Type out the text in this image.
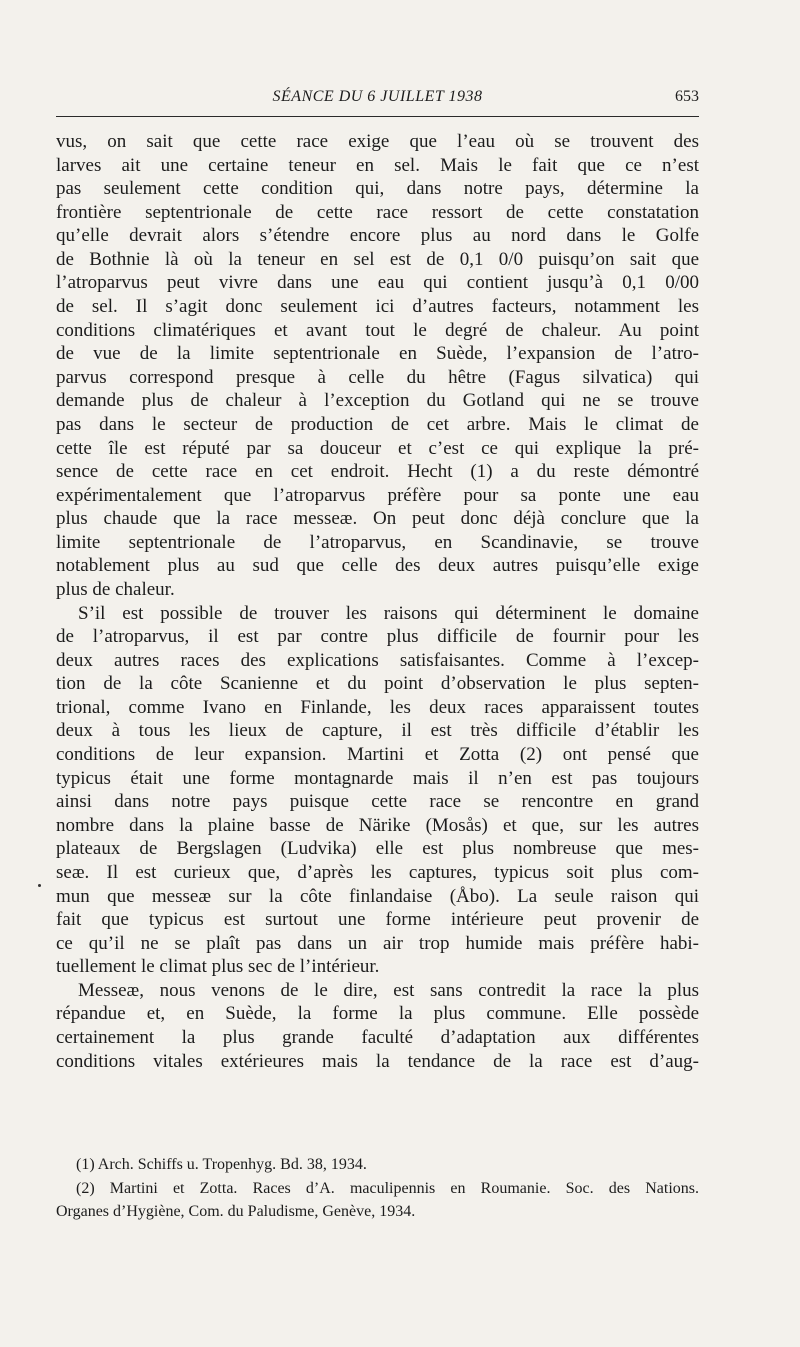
SÉANCE DU 6 JUILLET 1938	653
vus, on sait que cette race exige que l’eau où se trouvent des
larves ait une certaine teneur en sel. Mais le fait que ce n’est
pas seulement cette condition qui, dans notre pays, détermine la
frontière septentrionale de cette race ressort de cette constatation
qu’elle devrait alors s’étendre encore plus au nord dans le Golfe
de Bothnie là où la teneur en sel est de 0,1 0/0 puisqu’on sait que
l’atroparvus peut vivre dans une eau qui contient jusqu’à 0,1 0/00
de sel. Il s’agit donc seulement ici d’autres facteurs, notamment les
conditions climatériques et avant tout le degré de chaleur. Au point
de vue de la limite septentrionale en Suède, l’expansion de l’atro-
parvus correspond presque à celle du hêtre (Fagus silvatica) qui
demande plus de chaleur à l’exception du Gotland qui ne se trouve
pas dans le secteur de production de cet arbre. Mais le climat de
cette île est réputé par sa douceur et c’est ce qui explique la pré-
sence de cette race en cet endroit. Hecht (1) a du reste démontré
expérimentalement que l’atroparvus préfère pour sa ponte une eau
plus chaude que la race messeæ. On peut donc déjà conclure que la
limite septentrionale de l’atroparvus, en Scandinavie, se trouve
notablement plus au sud que celle des deux autres puisqu’elle exige
plus de chaleur.
S’il est possible de trouver les raisons qui déterminent le domaine
de l’atroparvus, il est par contre plus difficile de fournir pour les
deux autres races des explications satisfaisantes. Comme à l’excep-
tion de la côte Scanienne et du point d’observation le plus septen-
trional, comme Ivano en Finlande, les deux races apparaissent toutes
deux à tous les lieux de capture, il est très difficile d’établir les
conditions de leur expansion. Martini et Zotta (2) ont pensé que
typicus était une forme montagnarde mais il n’en est pas toujours
ainsi dans notre pays puisque cette race se rencontre en grand
nombre dans la plaine basse de Närike (Mosås) et que, sur les autres
plateaux de Bergslagen (Ludvika) elle est plus nombreuse que mes-
seæ. Il est curieux que, d’après les captures, typicus soit plus com-
mun que messeæ sur la côte finlandaise (Åbo). La seule raison qui
fait que typicus est surtout une forme intérieure peut provenir de
ce qu’il ne se plaît pas dans un air trop humide mais préfère habi-
tuellement le climat plus sec de l’intérieur.
Messeæ, nous venons de le dire, est sans contredit la race la plus
répandue et, en Suède, la forme la plus commune. Elle possède
certainement la plus grande faculté d’adaptation aux différentes
conditions vitales extérieures mais la tendance de la race est d’aug-
(1) Arch. Schiffs u. Tropenhyg. Bd. 38, 1934.
(2) Martini et Zotta. Races d’A. maculipennis en Roumanie. Soc. des Nations.
Organes d’Hygiène, Com. du Paludisme, Genève, 1934.
